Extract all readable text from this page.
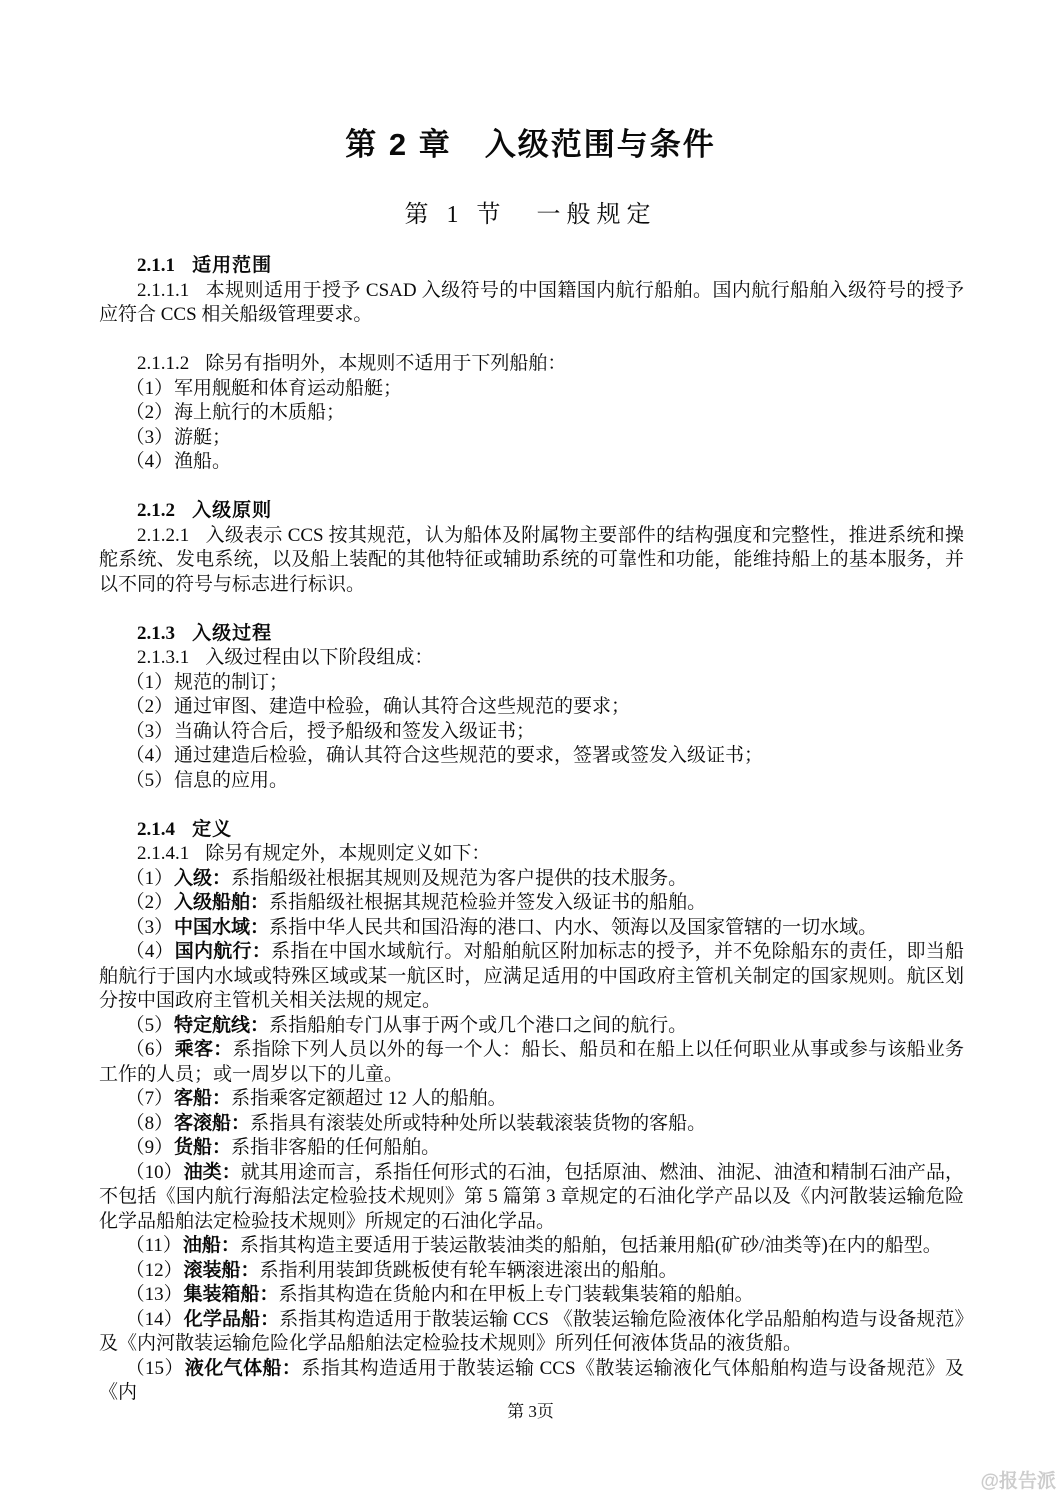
第 2 章　入级范围与条件
第 1 节　一般规定
2.1.1 适用范围

2.1.1.1 本规则适用于授予 CSAD 入级符号的中国籍国内航行船舶。国内航行船舶入级符号的授予应符合 CCS 相关船级管理要求。

2.1.1.2 除另有指明外，本规则不适用于下列船舶：

（1）军用舰艇和体育运动船艇；

（2）海上航行的木质船；

（3）游艇；

（4）渔船。

2.1.2 入级原则

2.1.2.1 入级表示 CCS 按其规范，认为船体及附属物主要部件的结构强度和完整性，推进系统和操舵系统、发电系统，以及船上装配的其他特征或辅助系统的可靠性和功能，能维持船上的基本服务，并以不同的符号与标志进行标识。

2.1.3 入级过程

2.1.3.1 入级过程由以下阶段组成：

（1）规范的制订；

（2）通过审图、建造中检验，确认其符合这些规范的要求；

（3）当确认符合后，授予船级和签发入级证书；

（4）通过建造后检验，确认其符合这些规范的要求，签署或签发入级证书；

（5）信息的应用。

2.1.4 定义

2.1.4.1 除另有规定外，本规则定义如下：

（1）入级：系指船级社根据其规则及规范为客户提供的技术服务。

（2）入级船舶：系指船级社根据其规范检验并签发入级证书的船舶。

（3）中国水域：系指中华人民共和国沿海的港口、内水、领海以及国家管辖的一切水域。

（4）国内航行：系指在中国水域航行。对船舶航区附加标志的授予，并不免除船东的责任，即当船舶航行于国内水域或特殊区域或某一航区时，应满足适用的中国政府主管机关制定的国家规则。航区划分按中国政府主管机关相关法规的规定。

（5）特定航线：系指船舶专门从事于两个或几个港口之间的航行。

（6）乘客：系指除下列人员以外的每一个人：船长、船员和在船上以任何职业从事或参与该船业务工作的人员；或一周岁以下的儿童。

（7）客船：系指乘客定额超过 12 人的船舶。

（8）客滚船：系指具有滚装处所或特种处所以装载滚装货物的客船。

（9）货船：系指非客船的任何船舶。

（10）油类：就其用途而言，系指任何形式的石油，包括原油、燃油、油泥、油渣和精制石油产品，不包括《国内航行海船法定检验技术规则》第 5 篇第 3 章规定的石油化学产品以及《内河散装运输危险化学品船舶法定检验技术规则》所规定的石油化学品。

（11）油船：系指其构造主要适用于装运散装油类的船舶，包括兼用船(矿砂/油类等)在内的船型。

（12）滚装船：系指利用装卸货跳板使有轮车辆滚进滚出的船舶。

（13）集装箱船：系指其构造在货舱内和在甲板上专门装载集装箱的船舶。

（14）化学品船：系指其构造适用于散装运输 CCS 《散装运输危险液体化学品船舶构造与设备规范》及《内河散装运输危险化学品船舶法定检验技术规则》所列任何液体货品的液货船。

（15）液化气体船：系指其构造适用于散装运输 CCS《散装运输液化气体船舶构造与设备规范》及《内

第 3页
@报告派
